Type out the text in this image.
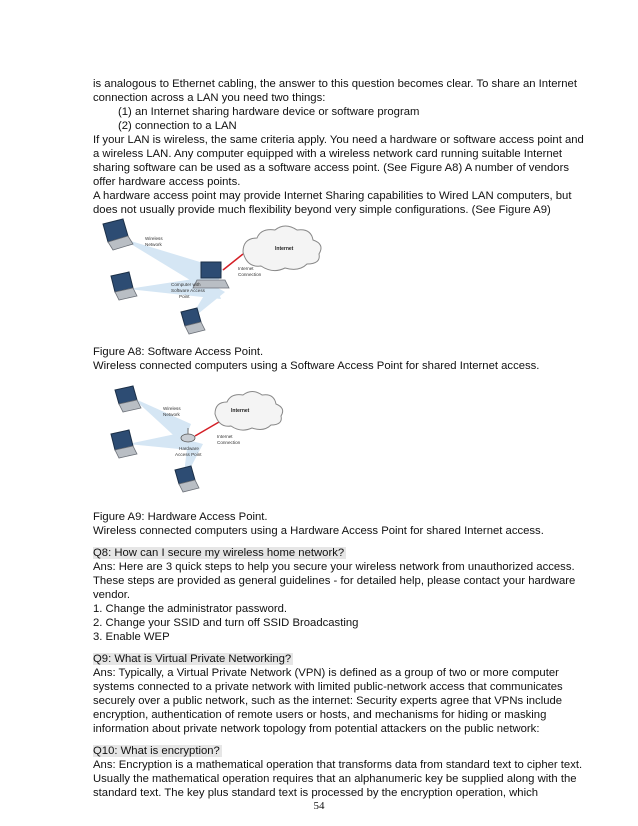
is analogous to Ethernet cabling, the answer to this question becomes clear. To share an Internet
connection across a LAN you need two things:
(1) an Internet sharing hardware device or software program
(2) connection to a LAN
If your LAN is wireless, the same criteria apply. You need a hardware or software access point and
a wireless LAN. Any computer equipped with a wireless network card running suitable Internet
sharing software can be used as a software access point. (See Figure A8) A number of vendors
offer hardware access points.
A hardware access point may provide Internet Sharing capabilities to Wired LAN computers, but
does not usually provide much flexibility beyond very simple configurations. (See Figure A9)
Internet
Wireless Network
Internet Connection
Computer with Software Access Point
Figure A8: Software Access Point.
Wireless connected computers using a Software Access Point for shared Internet access.
Internet
Wireless Network
Internet Connection
Hardware Access Point
Figure A9: Hardware Access Point.
Wireless connected computers using a Hardware Access Point for shared Internet access.
Q8: How can I secure my wireless home network?
Ans: Here are 3 quick steps to help you secure your wireless network from unauthorized access.
These steps are provided as general guidelines - for detailed help, please contact your hardware
vendor.
1. Change the administrator password.
2. Change your SSID and turn off SSID Broadcasting
3. Enable WEP
Q9: What is Virtual Private Networking?
Ans: Typically, a Virtual Private Network (VPN) is defined as a group of two or more computer
systems connected to a private network with limited public-network access that communicates
securely over a public network, such as the internet: Security experts agree that VPNs include
encryption, authentication of remote users or hosts, and mechanisms for hiding or masking
information about private network topology from potential attackers on the public network:
Q10: What is encryption?
Ans: Encryption is a mathematical operation that transforms data from standard text to cipher text.
Usually the mathematical operation requires that an alphanumeric key be supplied along with the
standard text. The key plus standard text is processed by the encryption operation, which
54
